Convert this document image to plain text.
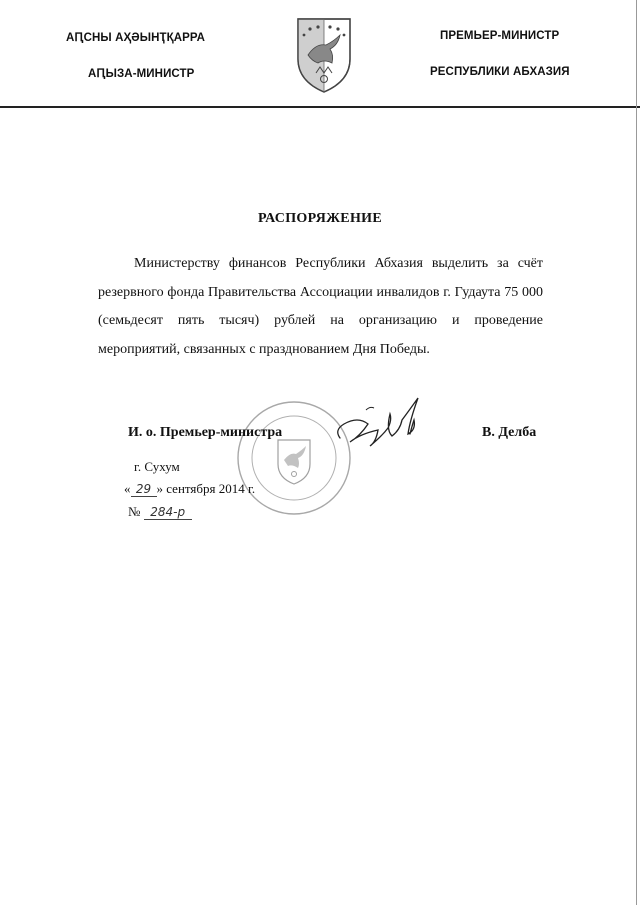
АԤСНЫ АҲӘЫНҬҚАРРА
АԤЫЗА-МИНИСТР
ПРЕМЬЕР-МИНИСТР
РЕСПУБЛИКИ АБХАЗИЯ
РАСПОРЯЖЕНИЕ

Министерству финансов Республики Абхазия выделить за счёт резервного фонда Правительства Ассоциации инвалидов г. Гудаута 75 000 (семьдесят пять тысяч) рублей на организацию и проведение мероприятий, связанных с празднованием Дня Победы.

И. о. Премьер-министра	В. Делба
г. Сухум
« 29 » сентября 2014 г.
№ 284-р
